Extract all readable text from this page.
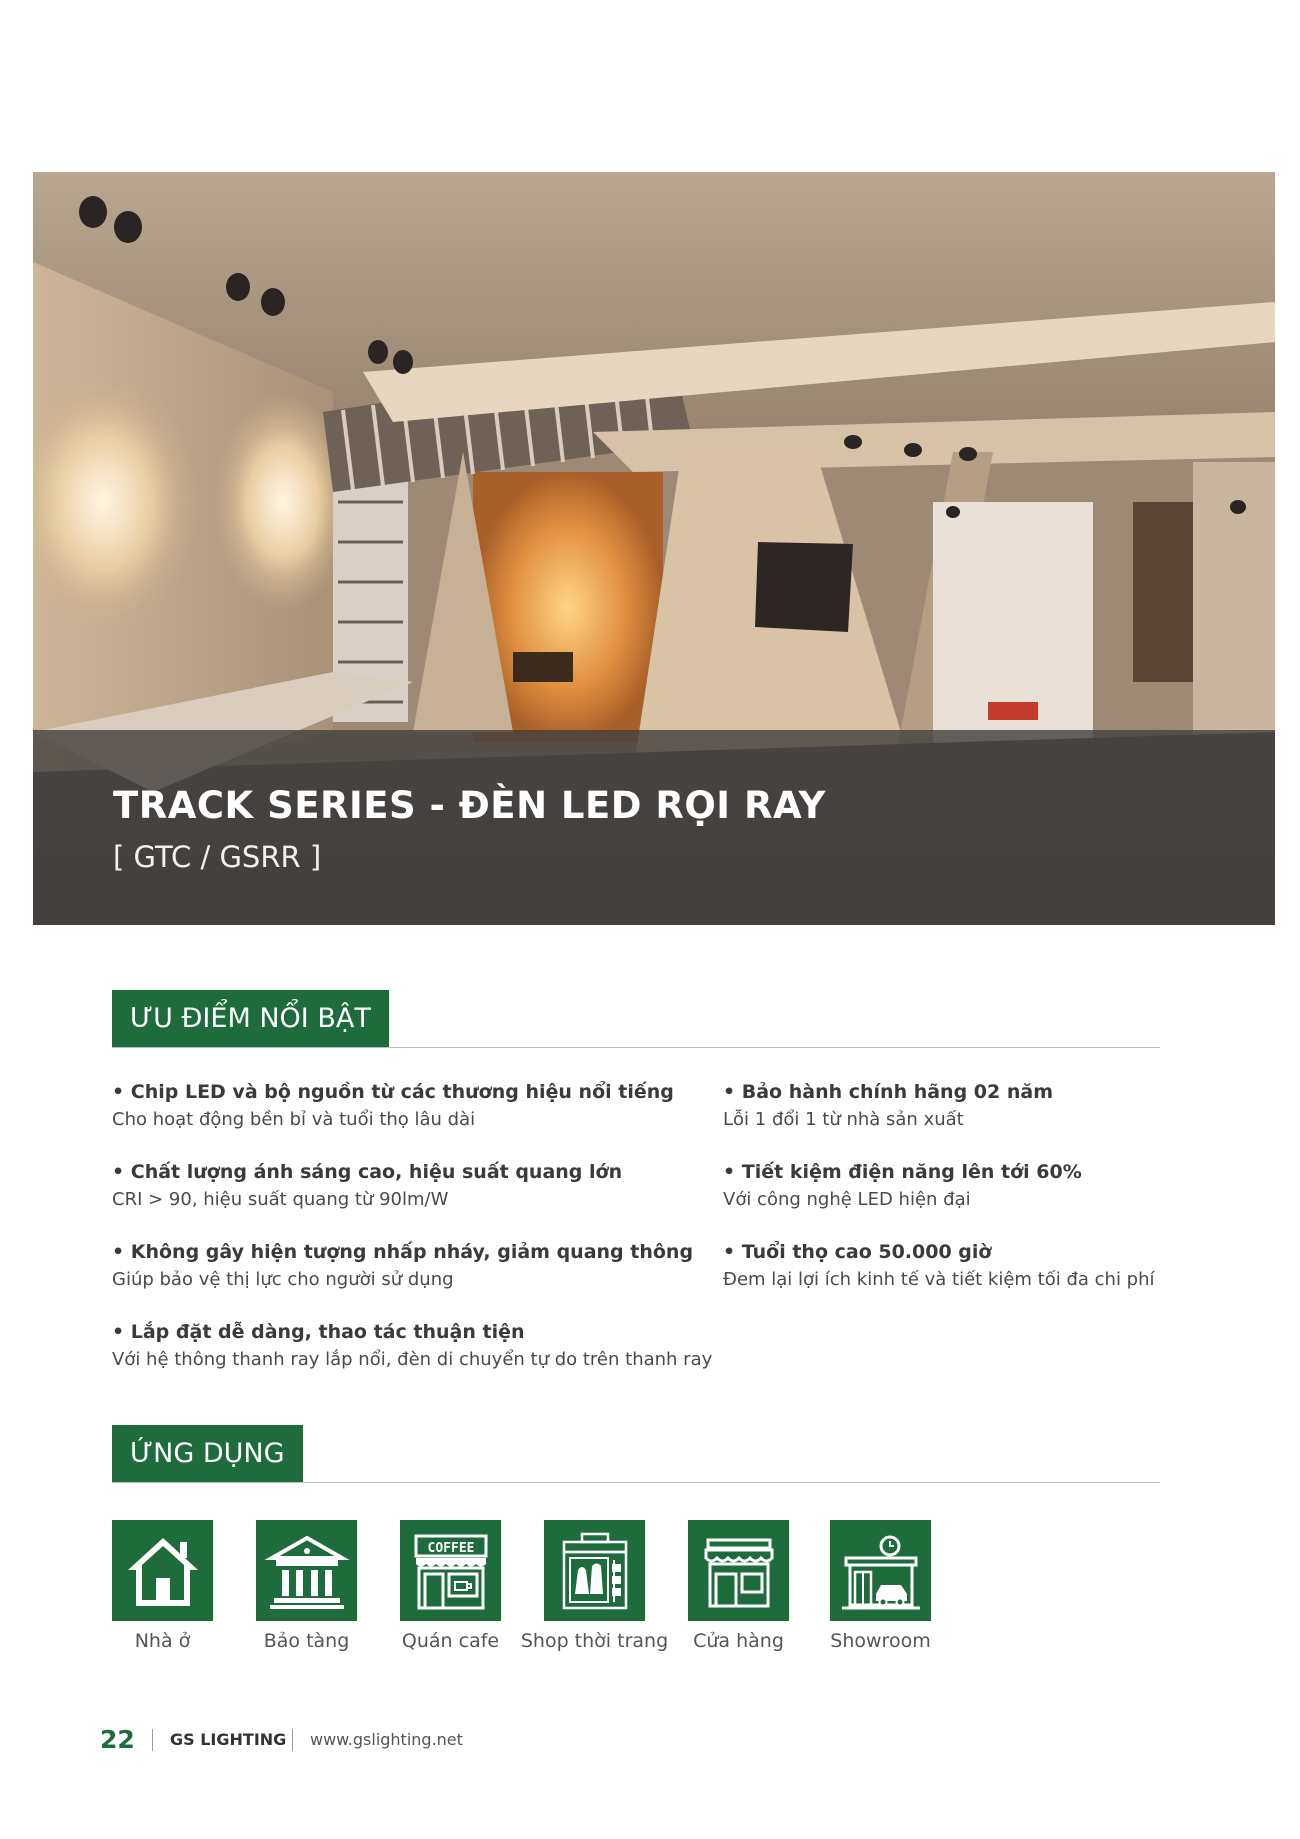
TRACK SERIES - ĐÈN LED RỌI RAY

[ GTC / GSRR ]

ƯU ĐIỂM NỔI BẬT
• Chip LED và bộ nguồn từ các thương hiệu nổi tiếng
Cho hoạt động bền bỉ và tuổi thọ lâu dài
• Chất lượng ánh sáng cao, hiệu suất quang lớn
CRI > 90, hiệu suất quang từ 90lm/W
• Không gây hiện tượng nhấp nháy, giảm quang thông
Giúp bảo vệ thị lực cho người sử dụng
• Lắp đặt dễ dàng, thao tác thuận tiện
Với hệ thông thanh ray lắp nổi, đèn di chuyển tự do trên thanh ray
• Bảo hành chính hãng 02 năm
Lỗi 1 đổi 1 từ nhà sản xuất
• Tiết kiệm điện năng lên tới 60%
Với công nghệ LED hiện đại
• Tuổi thọ cao 50.000 giờ
Đem lại lợi ích kinh tế và tiết kiệm tối đa chi phí
ỨNG DỤNG
Nhà ở	Bảo tàng
COFFEE
Quán cafe Shop thời trang Cửa hàng Showroom
22 GS LIGHTING www.gslighting.net
